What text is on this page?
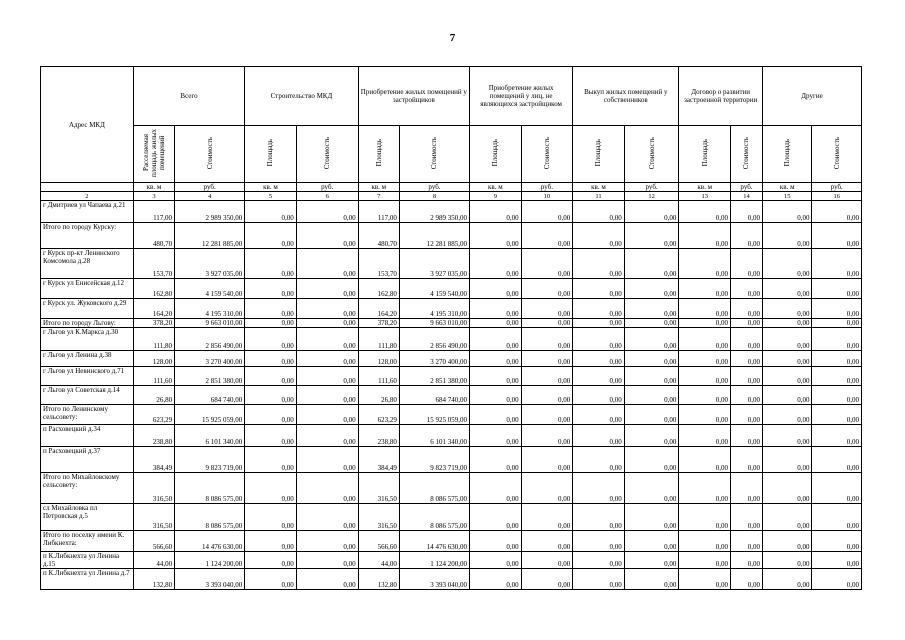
7
Адрес МКД	Всего		Строительство МКД		Приобретение жилых помещений у застройщиков		Приобретение жилых помещений у лиц, не являющихся застройщиком		Выкуп жилых помещений у собственников		Договор о развитии застроенной территории		Другие	
	Расселяемая площадь жилых помещений	Стоимость	Площадь	Стоимость	Площадь	Стоимость	Площадь	Стоимость	Площадь	Стоимость	Площадь	Стоимость	Площадь	Стоимость
	кв. м	руб.	кв. м	руб.	кв. м	руб.	кв. м	руб.	кв. м	руб.	кв. м	руб.	кв. м	руб.
2	3	4	5	6	7	8	9	10	11	12	13	14	15	16
г Дмитриев ул Чапаева д.21	117,00	2 989 350,00	0,00	0,00	117,00	2 989 350,00	0,00	0,00	0,00	0,00	0,00	0,00	0,00	0,00
Итого по городу Курску:	480,70	12 281 885,00	0,00	0,00	480,70	12 281 885,00	0,00	0,00	0,00	0,00	0,00	0,00	0,00	0,00
г Курск пр-кт Ленинского Комсомола д.28	153,70	3 927 035,00	0,00	0,00	153,70	3 927 035,00	0,00	0,00	0,00	0,00	0,00	0,00	0,00	0,00
г Курск ул Енисейская д.12	162,80	4 159 540,00	0,00	0,00	162,80	4 159 540,00	0,00	0,00	0,00	0,00	0,00	0,00	0,00	0,00
г Курск ул. Жуковского д.29	164,20	4 195 310,00	0,00	0,00	164,20	4 195 310,00	0,00	0,00	0,00	0,00	0,00	0,00	0,00	0,00
Итого по городу Льгову:	378,20	9 663 010,00	0,00	0,00	378,20	9 663 010,00	0,00	0,00	0,00	0,00	0,00	0,00	0,00	0,00
г Льгов ул К.Маркса д.30	111,80	2 856 490,00	0,00	0,00	111,80	2 856 490,00	0,00	0,00	0,00	0,00	0,00	0,00	0,00	0,00
г Льгов ул Ленина д.38	128,00	3 270 400,00	0,00	0,00	128,00	3 270 400,00	0,00	0,00	0,00	0,00	0,00	0,00	0,00	0,00
г Льгов ул Невинского д.71	111,60	2 851 380,00	0,00	0,00	111,60	2 851 380,00	0,00	0,00	0,00	0,00	0,00	0,00	0,00	0,00
г Льгов ул Советская д.14	26,80	684 740,00	0,00	0,00	26,80	684 740,00	0,00	0,00	0,00	0,00	0,00	0,00	0,00	0,00
Итого по Ленинскому сельсовету:	623,29	15 925 059,00	0,00	0,00	623,29	15 925 059,00	0,00	0,00	0,00	0,00	0,00	0,00	0,00	0,00
п Расховецкий д.34	238,80	6 101 340,00	0,00	0,00	238,80	6 101 340,00	0,00	0,00	0,00	0,00	0,00	0,00	0,00	0,00
п Расховецкий д.37	384,49	9 823 719,00	0,00	0,00	384,49	9 823 719,00	0,00	0,00	0,00	0,00	0,00	0,00	0,00	0,00
Итого по Михайловскому сельсовету:	316,50	8 086 575,00	0,00	0,00	316,50	8 086 575,00	0,00	0,00	0,00	0,00	0,00	0,00	0,00	0,00
сл Михайловка пл Петровская д.5	316,50	8 086 575,00	0,00	0,00	316,50	8 086 575,00	0,00	0,00	0,00	0,00	0,00	0,00	0,00	0,00
Итого по поселку имени К. Либкнехта:	566,60	14 476 630,00	0,00	0,00	566,60	14 476 630,00	0,00	0,00	0,00	0,00	0,00	0,00	0,00	0,00
п К.Либкнехта ул Ленина д.15	44,00	1 124 200,00	0,00	0,00	44,00	1 124 200,00	0,00	0,00	0,00	0,00	0,00	0,00	0,00	0,00
п К.Либкнехта ул Ленина д.7	132,80	3 393 040,00	0,00	0,00	132,80	3 393 040,00	0,00	0,00	0,00	0,00	0,00	0,00	0,00	0,00
